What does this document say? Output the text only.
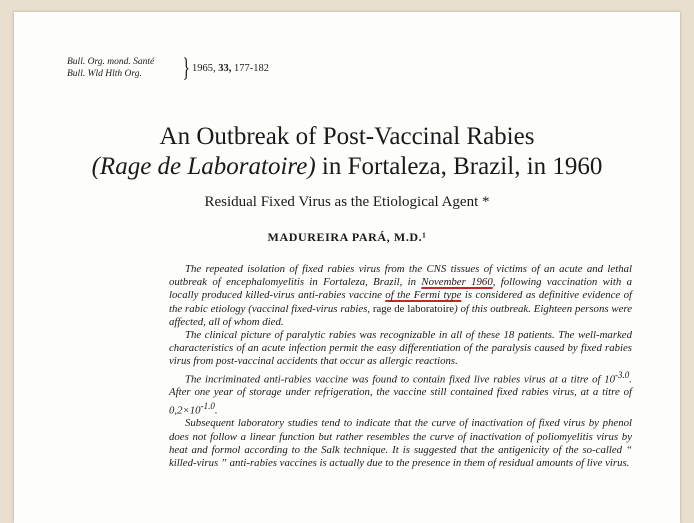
Bull. Org. mond. Santé
Bull. Wld Hlth Org.	} 1965, 33, 177-182
An Outbreak of Post-Vaccinal Rabies
(Rage de Laboratoire) in Fortaleza, Brazil, in 1960
Residual Fixed Virus as the Etiological Agent *
MADUREIRA PARÁ, M.D.¹

The repeated isolation of fixed rabies virus from the CNS tissues of victims of an acute and lethal outbreak of encephalomyelitis in Fortaleza, Brazil, in November 1960, following vaccination with a locally produced killed-virus anti-rabies vaccine of the Fermi type is considered as definitive evidence of the rabic etiology (vaccinal fixed-virus rabies, rage de laboratoire) of this outbreak. Eighteen persons were affected, all of whom died.

The clinical picture of paralytic rabies was recognizable in all of these 18 patients. The well-marked characteristics of an acute infection permit the easy differentiation of the paralysis caused by fixed rabies virus from post-vaccinal accidents that occur as allergic reactions.

The incriminated anti-rabies vaccine was found to contain fixed live rabies virus at a titre of $10^{-3.0}$. After one year of storage under refrigeration, the vaccine still contained fixed rabies virus, at a titre of $0,2\times 10^{-1.0}$.

Subsequent laboratory studies tend to indicate that the curve of inactivation of fixed virus by phenol does not follow a linear function but rather resembles the curve of inactivation of poliomyelitis virus by heat and formol according to the Salk technique. It is suggested that the antigenicity of the so-called “ killed-virus ” anti-rabies vaccines is actually due to the presence in them of residual amounts of live virus.
